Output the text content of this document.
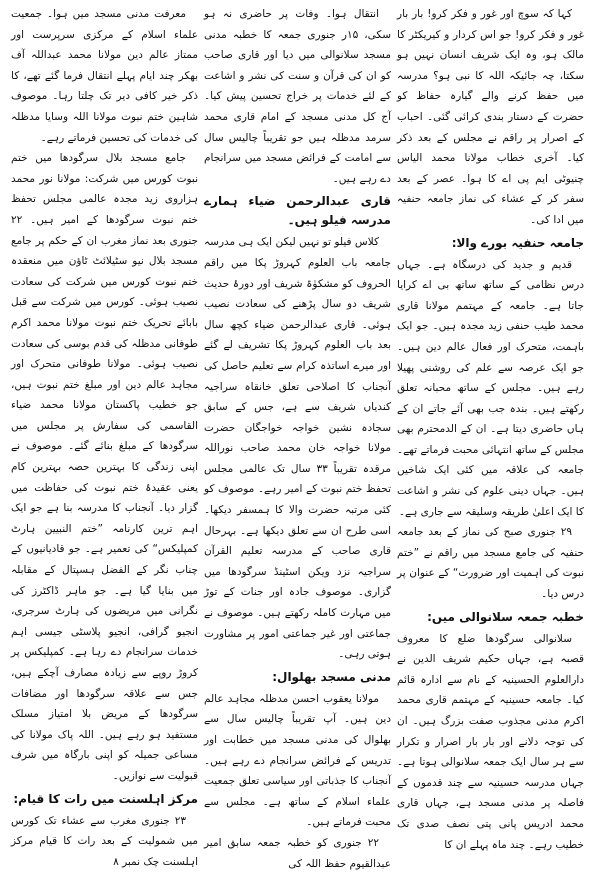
کہا کہ سوچ اور غور و فکر کرو! بار بار غور و فکر کرو! جو اس کردار و کیریکٹر کا مالک ہو، وہ ایک شریف انسان نہیں ہو سکتا، چہ جائیکہ اللہ کا نبی ہو؟ مدرسہ میں حفظ کرنے والے گیارہ حفاظ کو حضرت کے دستار بندی کرائی گئی۔ احباب کے اصرار پر راقم نے مجلس کے بعد ذکر کیا۔ آخری خطاب مولانا محمد الیاس چنیوٹی ایم پی اے کا ہوا۔ عصر کے بعد سفر کر کے عشاء کی نماز جامعہ حنفیہ میں ادا کی۔

جامعہ حنفیہ بورے والا:

قدیم و جدید کی درسگاہ ہے۔ جہاں درس نظامی کے ساتھ ساتھ بی اے کرایا جاتا ہے۔ جامعہ کے مہتمم مولانا قاری محمد طیب حنفی زید مجدہ ہیں۔ جو ایک باہمت، متحرک اور فعال عالم دین ہیں۔ جو ایک عرصہ سے علم کی روشنی پھیلا رہے ہیں۔ مجلس کے ساتھ محبانہ تعلق رکھتے ہیں۔ بندہ جب بھی آئے جاتے ان کے ہاں حاضری دیتا ہے۔ ان کے الدمحترم بھی مجلس کے ساتھ انتہائی محبت فرماتے تھے۔ جامعہ کی علاقہ میں کئی ایک شاخیں ہیں۔ جہاں دینی علوم کی نشر و اشاعت کا ایک اعلیٰ طریقہ وسلیقہ سے جاری ہے۔

۲۹ جنوری صبح کی نماز کے بعد جامعہ حنفیہ کی جامع مسجد میں راقم نے ”ختم نبوت کی اہمیت اور ضرورت“ کے عنوان پر درس دیا۔

خطبہ جمعہ سلانوالی میں:

سلانوالی سرگودھا ضلع کا معروف قصبہ ہے، جہاں حکیم شریف الدین نے دارالعلوم الحسینیہ کے نام سے ادارہ قائم کیا۔ جامعہ حسینیہ کے مہتمم قاری محمد اکرم مدنی مجذوب صفت بزرگ ہیں۔ ان کی توجہ دلانے اور بار بار اصرار و تکرار سے ہر سال ایک جمعہ سلانوالی ہوتا ہے۔ جہاں مدرسہ حسینیہ سے چند قدموں کے فاصلہ پر مدنی مسجد ہے، جہاں قاری محمد ادریس پانی پتی نصف صدی تک خطیب رہے۔ چند ماہ پہلے ان کا

انتقال ہوا۔ وفات پر حاضری نہ ہو سکی، ۱۵ر جنوری جمعہ کا خطبہ مدنی مسجد سلانوالی میں دیا اور قاری صاحب کو ان کی قرآن و سنت کی نشر و اشاعت کے لئے خدمات پر خراج تحسین پیش کیا۔ آج کل مدنی مسجد کے امام قاری محمد سرمد مدظلہ ہیں جو تقریباً چالیس سال سے امامت کے فرائض مسجد میں سرانجام دے رہے ہیں۔

قاری عبدالرحمن ضیاء ہمارے مدرسہ فیلو ہیں۔

کلاس فیلو تو نہیں لیکن ایک ہی مدرسہ جامعہ باب العلوم کہروڑ پکا میں راقم الحروف کو مشکوٰۃ شریف اور دورۂ حدیث شریف دو سال پڑھنے کی سعادت نصیب ہوئی۔ قاری عبدالرحمن ضیاء کچھ سال بعد باب العلوم کہروڑ پکا تشریف لے گئے اور میرے اساتذہ کرام سے تعلیم حاصل کی آنجناب کا اصلاحی تعلق خانقاہ سراجیہ کندیاں شریف سے ہے، جس کے سابق سجادہ نشین خواجہ خواجگان حضرت مولانا خواجہ خان محمد صاحب نوراللہ مرقدہ تقریباً ۳۳ سال تک عالمی مجلس تحفظ ختم نبوت کے امیر رہے۔ موصوف کو کئی مرتبہ حضرت والا کا ہمسفر دیکھا۔ اسی طرح ان سے تعلق دیکھا ہے۔ بہرحال قاری صاحب کے مدرسہ تعلیم القرآن سراجیہ نزد ویکن اسٹینڈ سرگودھا میں گزاری۔ موصوف جادہ اور جنات کے توڑ میں مہارت کاملہ رکھتے ہیں۔ موصوف نے جماعتی اور غیر جماعتی امور پر مشاورت ہوتی رہی۔

مدنی مسجد بھلوال:

مولانا یعقوب احسن مدظلہ مجاہد عالم دین ہیں۔ آپ تقریباً چالیس سال سے بھلوال کی مدنی مسجد میں خطابت اور تدریس کے فرائض سرانجام دے رہے ہیں۔ آنجناب کا جذباتی اور سیاسی تعلق جمعیت علماء اسلام کے ساتھ ہے۔ مجلس سے محبت فرماتے ہیں۔

۲۲ جنوری کو خطبہ جمعہ سابق امیر عبدالقیوم حفظ اللہ کی

معرفت مدنی مسجد میں ہوا۔ جمعیت علماء اسلام کے مرکزی سرپرست اور ممتاز عالم دین مولانا محمد عبداللہ آف بھکر چند ایام پہلے انتقال فرما گئے تھے، کا ذکر خیر کافی دیر تک چلتا رہا۔ موصوف شاہین ختم نبوت مولانا اللہ وسایا مدظلہ کی خدمات کی تحسین فرماتے رہے۔

جامع مسجد بلال سرگودھا میں ختم نبوت کورس میں شرکت: مولانا نور محمد ہزاروی زید مجدہ عالمی مجلس تحفظ ختم نبوت سرگودھا کے امیر ہیں۔ ۲۲ جنوری بعد نماز مغرب ان کے حکم پر جامع مسجد بلال نیو سٹیلائٹ ٹاؤن میں منعقدہ ختم نبوت کورس میں شرکت کی سعادت نصیب ہوئی۔ کورس میں شرکت سے قبل بابائے تحریک ختم نبوت مولانا محمد اکرم طوفانی مدظلہ کی قدم بوسی کی سعادت نصیب ہوئی۔ مولانا طوفانی متحرک اور مجاہد عالم دین اور مبلغ ختم نبوت ہیں، جو خطیب پاکستان مولانا محمد ضیاء القاسمی کی سفارش پر مجلس میں سرگودھا کے مبلغ بنائے گئے۔ موصوف نے اپنی زندگی کا بہترین حصہ بہترین کام یعنی عقیدۂ ختم نبوت کی حفاظت میں گزار دیا۔ آنجناب کا مدرسہ بنا ہے جو ایک اہم ترین کارنامہ ”ختم النبیین ہارٹ کمپلیکس“ کی تعمیر ہے۔ جو قادیانیوں کے چناب نگر کے الفضل ہسپتال کے مقابلہ میں بنایا گیا ہے۔ جو ماہر ڈاکٹرز کی نگرانی میں مریضوں کی ہارٹ سرجری، انجیو گرافی، انجیو پلاسٹی جیسی اہم خدمات سرانجام دے رہا ہے۔ کمپلیکس پر کروڑ روپے سے زیادہ مصارف آچکے ہیں، جس سے علاقہ سرگودھا اور مضافات سرگودھا کے مریض بلا امتیاز مسلک مستفید ہو رہے ہیں۔ اللہ پاک مولانا کی مساعی جمیلہ کو اپنی بارگاہ میں شرف قبولیت سے نوازیں۔

مرکز اہلسنت میں رات کا قیام:

۲۳ جنوری مغرب سے عشاء تک کورس میں شمولیت کے بعد رات کا قیام مرکز اہلسنت چک نمبر ۸
